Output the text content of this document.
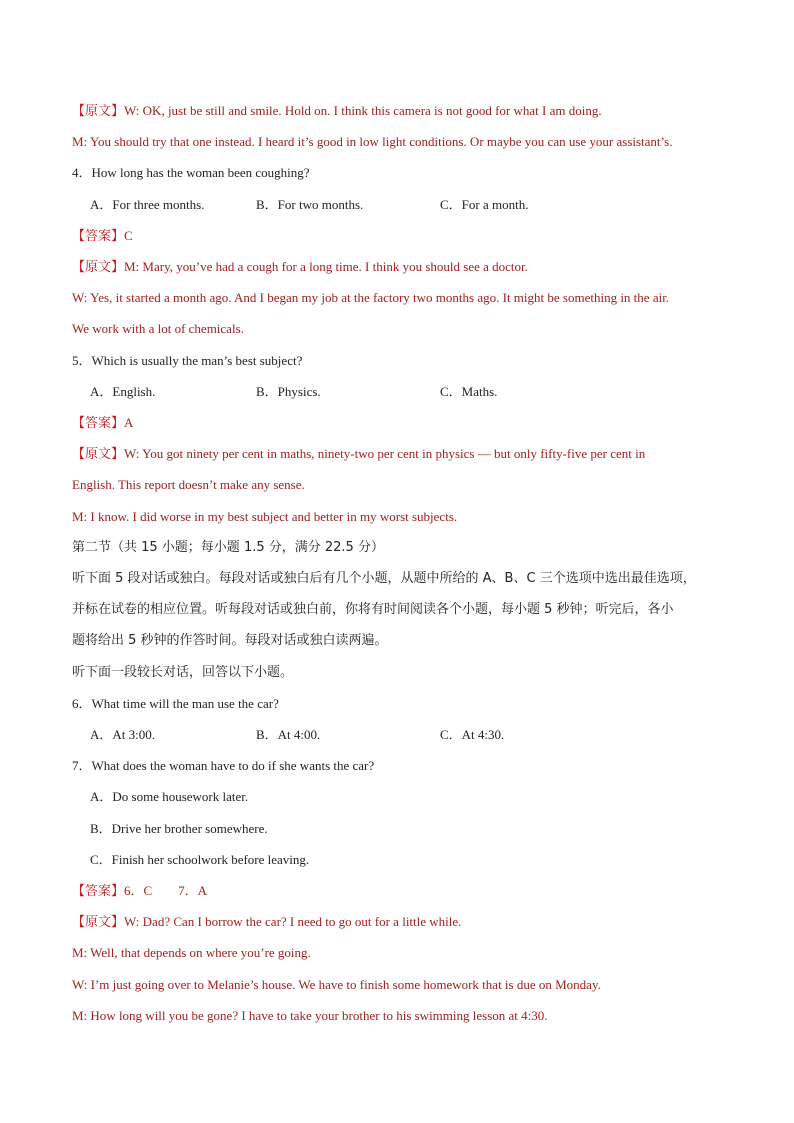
【原文】W: OK, just be still and smile. Hold on. I think this camera is not good for what I am doing.
M: You should try that one instead. I heard it’s good in low light conditions. Or maybe you can use your assistant’s.
4．How long has the woman been coughing?
A．For three months.	B．For two months.	C．For a month.
【答案】C
【原文】M: Mary, you’ve had a cough for a long time. I think you should see a doctor.
W: Yes, it started a month ago. And I began my job at the factory two months ago. It might be something in the air.
We work with a lot of chemicals.
5．Which is usually the man’s best subject?
A．English.	B．Physics.	C．Maths.
【答案】A
【原文】W: You got ninety per cent in maths, ninety-two per cent in physics — but only fifty-five per cent in
English. This report doesn’t make any sense.
M: I know. I did worse in my best subject and better in my worst subjects.
第二节（共 15 小题；每小题 1.5 分，满分 22.5 分）
听下面 5 段对话或独白。每段对话或独白后有几个小题，从题中所给的 A、B、C 三个选项中选出最佳选项，
并标在试卷的相应位置。听每段对话或独白前，你将有时间阅读各个小题，每小题 5 秒钟；听完后，各小
题将给出 5 秒钟的作答时间。每段对话或独白读两遍。
听下面一段较长对话，回答以下小题。
6．What time will the man use the car?
A．At 3:00.	B．At 4:00.	C．At 4:30.
7．What does the woman have to do if she wants the car?
A．Do some housework later.
B．Drive her brother somewhere.
C．Finish her schoolwork before leaving.
【答案】6．C　　7．A
【原文】W: Dad? Can I borrow the car? I need to go out for a little while.
M: Well, that depends on where you’re going.
W: I’m just going over to Melanie’s house. We have to finish some homework that is due on Monday.
M: How long will you be gone? I have to take your brother to his swimming lesson at 4:30.
